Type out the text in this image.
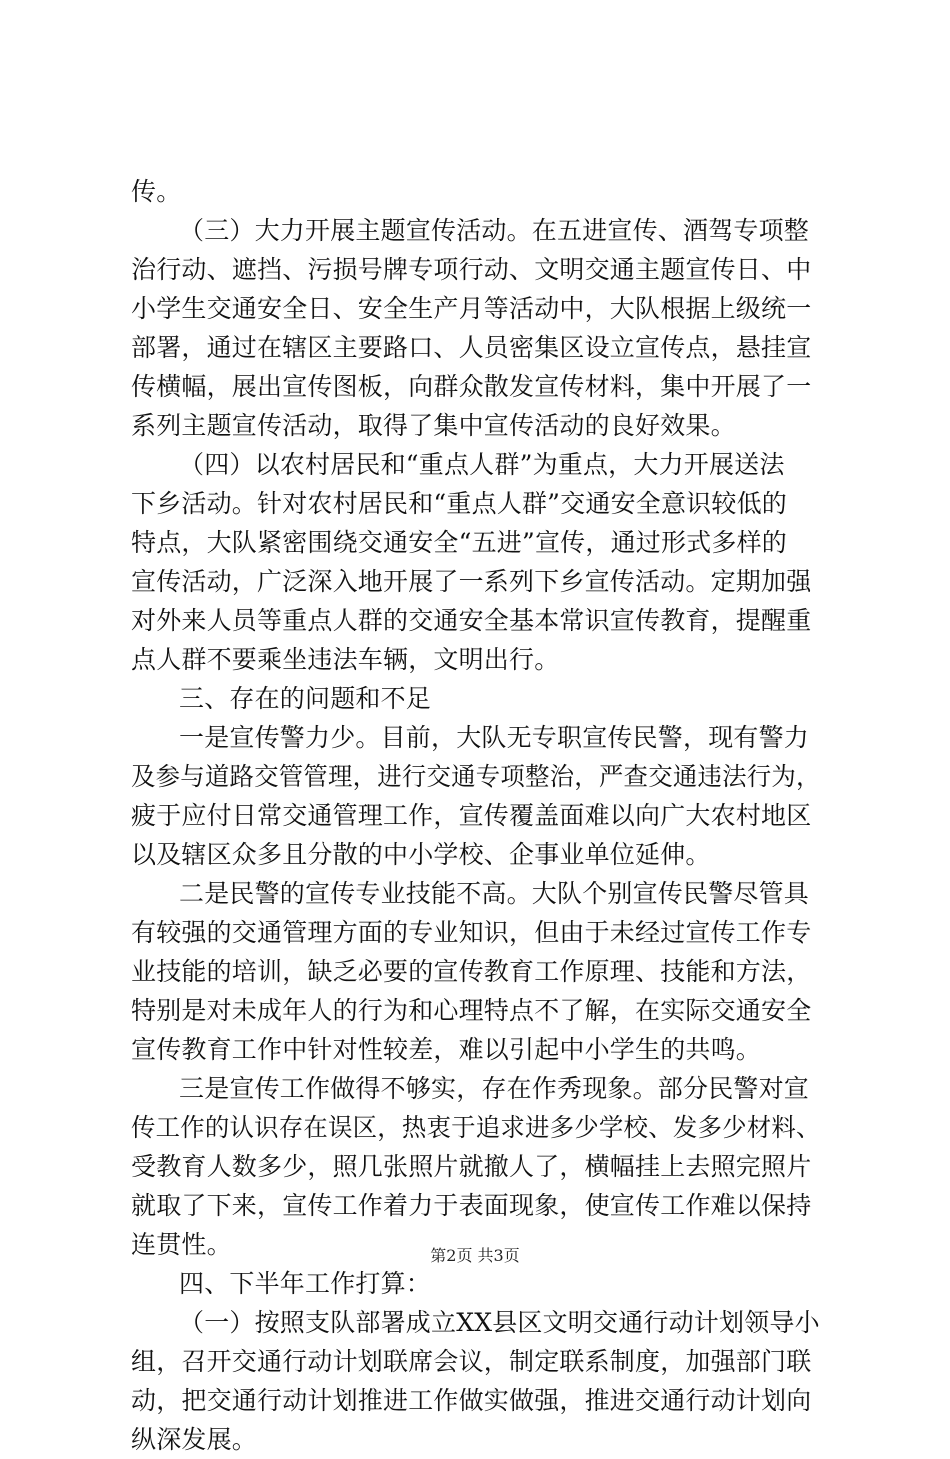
传。
（三）大力开展主题宣传活动。在五进宣传、酒驾专项整
治行动、遮挡、污损号牌专项行动、文明交通主题宣传日、中
小学生交通安全日、安全生产月等活动中，大队根据上级统一
部署，通过在辖区主要路口、人员密集区设立宣传点，悬挂宣
传横幅，展出宣传图板，向群众散发宣传材料，集中开展了一
系列主题宣传活动，取得了集中宣传活动的良好效果。
（四）以农村居民和“重点人群”为重点，大力开展送法
下乡活动。针对农村居民和“重点人群”交通安全意识较低的
特点，大队紧密围绕交通安全“五进”宣传，通过形式多样的
宣传活动，广泛深入地开展了一系列下乡宣传活动。定期加强
对外来人员等重点人群的交通安全基本常识宣传教育，提醒重
点人群不要乘坐违法车辆，文明出行。
三、存在的问题和不足
一是宣传警力少。目前，大队无专职宣传民警，现有警力
及参与道路交管管理，进行交通专项整治，严查交通违法行为，
疲于应付日常交通管理工作，宣传覆盖面难以向广大农村地区
以及辖区众多且分散的中小学校、企事业单位延伸。
二是民警的宣传专业技能不高。大队个别宣传民警尽管具
有较强的交通管理方面的专业知识，但由于未经过宣传工作专
业技能的培训，缺乏必要的宣传教育工作原理、技能和方法，
特别是对未成年人的行为和心理特点不了解，在实际交通安全
宣传教育工作中针对性较差，难以引起中小学生的共鸣。
三是宣传工作做得不够实，存在作秀现象。部分民警对宣
传工作的认识存在误区，热衷于追求进多少学校、发多少材料、
受教育人数多少，照几张照片就撤人了，横幅挂上去照完照片
就取了下来，宣传工作着力于表面现象，使宣传工作难以保持
连贯性。
四、下半年工作打算：
（一）按照支队部署成立XX县区文明交通行动计划领导小
组，召开交通行动计划联席会议，制定联系制度，加强部门联
动，把交通行动计划推进工作做实做强，推进交通行动计划向
纵深发展。
第2页 共3页
